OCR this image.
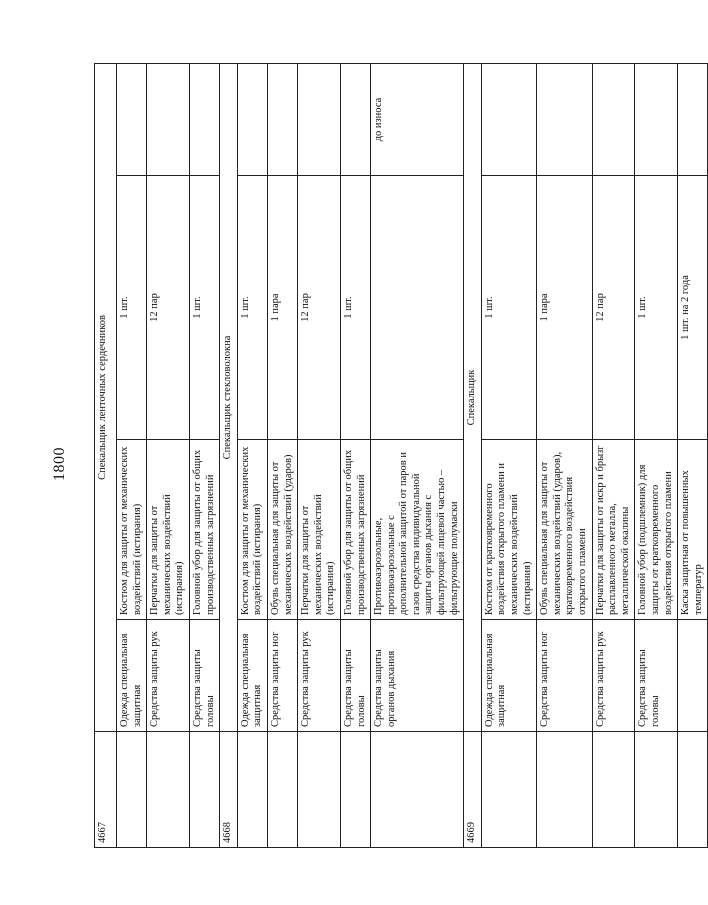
1800
4667	Спекальщик ленточных сердечников			
	Одежда специальная защитная	Костюм для защиты от механических воздействий (истирания)	1 шт.	
	Средства защиты рук	Перчатки для защиты от механических воздействий (истирания)	12 пар	
	Средства защиты головы	Головной убор для защиты от общих производственных загрязнений	1 шт.	
4668	Спекальщик стекловолокна			
	Одежда специальная защитная	Костюм для защиты от механических воздействий (истирания)	1 шт.	
	Средства защиты ног	Обувь специальная для защиты от механических воздействий (ударов)	1 пара	
	Средства защиты рук	Перчатки для защиты от механических воздействий (истирания)	12 пар	
	Средства защиты головы	Головной убор для защиты от общих производственных загрязнений	1 шт.	
	Средства защиты органов дыхания	Противоаэрозольные, противоаэрозольные с дополнительной защитой от паров и газов средства индивидуальной защиты органов дыхания с фильтрующей лицевой частью – фильтрующие полумаски		до износа
4669	Спекальщик			
	Одежда специальная защитная	Костюм от кратковременного воздействия открытого пламени и механических воздействий (истирания)	1 шт.	
	Средства защиты ног	Обувь специальная для защиты от механических воздействий (ударов), кратковременного воздействия открытого пламени	1 пара	
	Средства защиты рук	Перчатки для защиты от искр и брызг расплавленного металла, металлической окалины	12 пар	
	Средства защиты головы	Головной убор (подшлемник) для защиты от кратковременного воздействия открытого пламени	1 шт.	
		Каска защитная от повышенных температур	1 шт. на 2 года	
